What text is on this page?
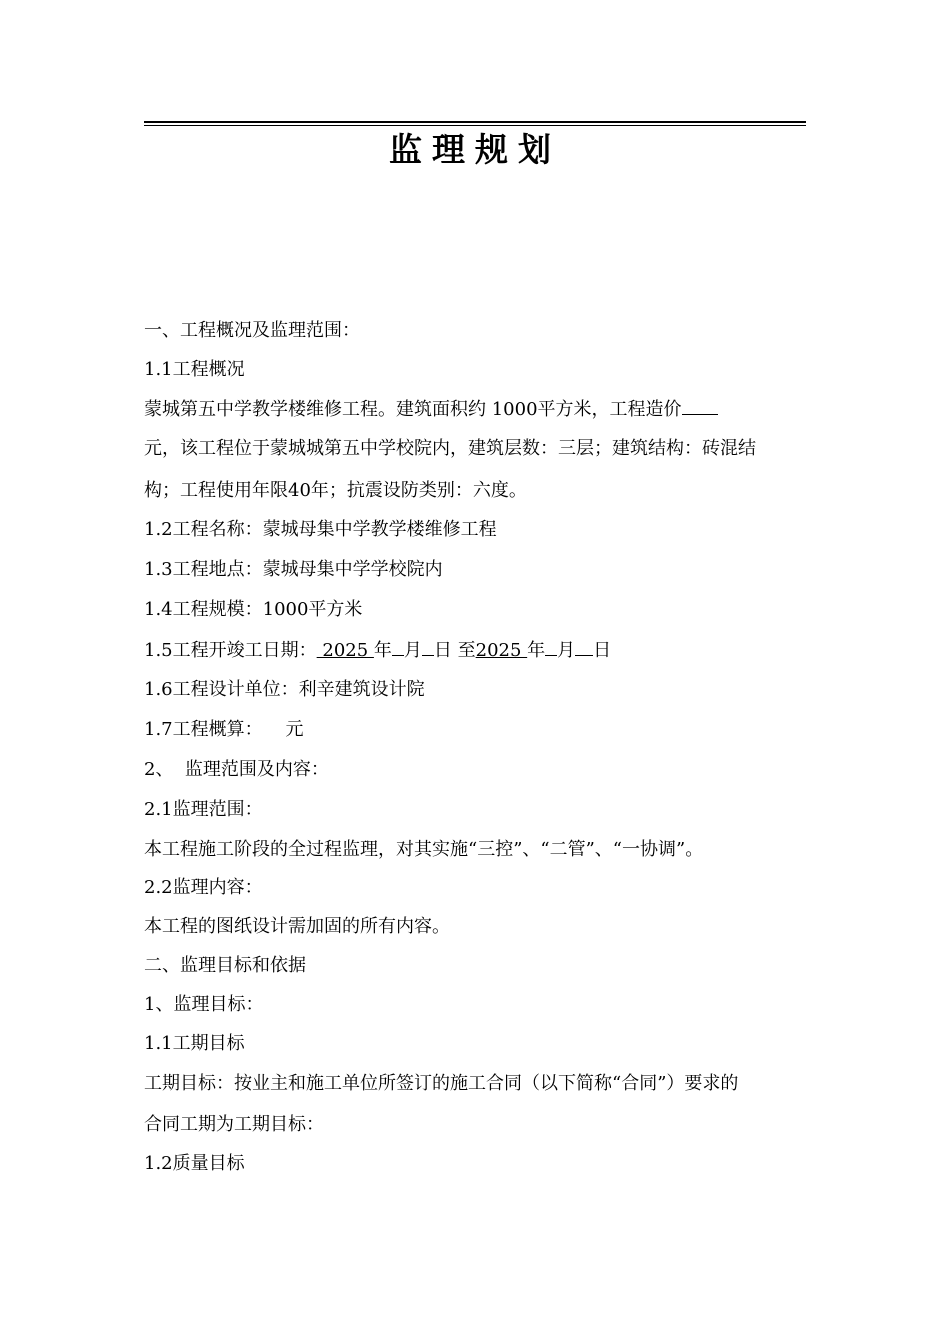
监理规划
一、工程概况及监理范围：
1.1工程概况
蒙城第五中学教学楼维修工程。建筑面积约 1000平方米，工程造价
元，该工程位于蒙城城第五中学校院内，建筑层数：三层；建筑结构：砖混结
构；工程使用年限40年；抗震设防类别：六度。
1.2工程名称：蒙城母集中学教学楼维修工程
1.3工程地点：蒙城母集中学学校院内
1.4工程规模：1000平方米
1.5工程开竣工日期： 2025 年 月 日 至2025 年 月 日
1.6工程设计单位：利辛建筑设计院
1.7工程概算：    元
2、  监理范围及内容：
2.1监理范围：
本工程施工阶段的全过程监理，对其实施“三控”、“二管”、“一协调”。
2.2监理内容：
本工程的图纸设计需加固的所有内容。
二、监理目标和依据
1、监理目标：
1.1工期目标
工期目标：按业主和施工单位所签订的施工合同（以下简称“合同”）要求的
合同工期为工期目标：
1.2质量目标
